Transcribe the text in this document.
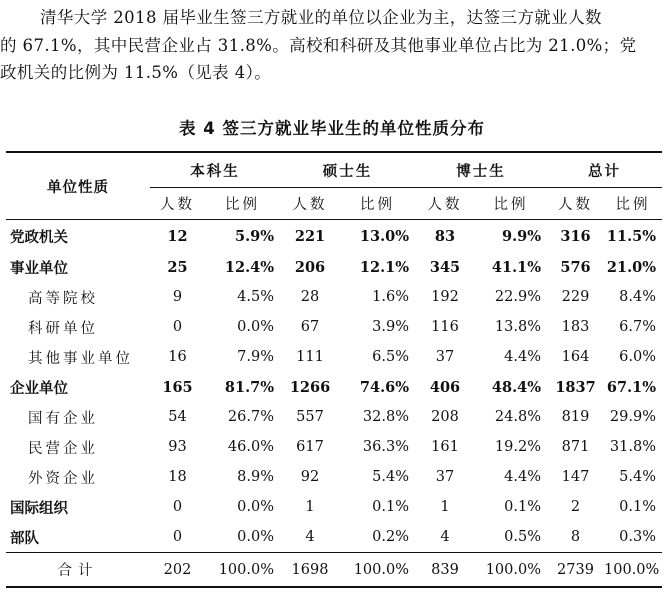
清华大学 2018 届毕业生签三方就业的单位以企业为主，达签三方就业人数

的 67.1%，其中民营企业占 31.8%。高校和科研及其他事业单位占比为 21.0%；党

政机关的比例为 11.5%（见表 4）。

表 4 签三方就业毕业生的单位性质分布
单位性质	本科生		硕士生		博士生		总计	
	人数	比例	人数	比例	人数	比例	人数	比例
党政机关	12	5.9%	221	13.0%	83	9.9%	316	11.5%
事业单位	25	12.4%	206	12.1%	345	41.1%	576	21.0%
高等院校	9	4.5%	28	1.6%	192	22.9%	229	8.4%
科研单位	0	0.0%	67	3.9%	116	13.8%	183	6.7%
其他事业单位	16	7.9%	111	6.5%	37	4.4%	164	6.0%
企业单位	165	81.7%	1266	74.6%	406	48.4%	1837	67.1%
国有企业	54	26.7%	557	32.8%	208	24.8%	819	29.9%
民营企业	93	46.0%	617	36.3%	161	19.2%	871	31.8%
外资企业	18	8.9%	92	5.4%	37	4.4%	147	5.4%
国际组织	0	0.0%	1	0.1%	1	0.1%	2	0.1%
部队	0	0.0%	4	0.2%	4	0.5%	8	0.3%
合计	202	100.0%	1698	100.0%	839	100.0%	2739	100.0%
